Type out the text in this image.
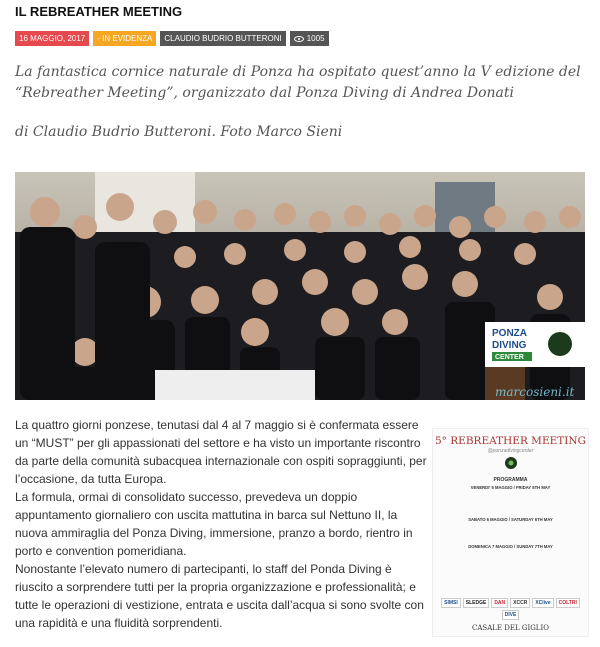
IL REBREATHER MEETING
16 MAGGIO, 2017	- IN EVIDENZA	CLAUDIO BUDRIO BUTTERONI	1005
La fantastica cornice naturale di Ponza ha ospitato quest’anno la V edizione del “Rebreather Meeting”, organizzato dal Ponza Diving di Andrea Donati
di Claudio Budrio Butteroni. Foto Marco Sieni
PONZA
DIVING
CENTER
marcosieni.it

La quattro giorni ponzese, tenutasi dal 4 al 7 maggio si è confermata essere un “MUST” per gli appassionati del settore e ha visto un importante riscontro da parte della comunità subacquea internazionale con ospiti sopraggiunti, per l’occasione, da tutta Europa.

La formula, ormai di consolidato successo, prevedeva un doppio appuntamento giornaliero con uscita mattutina in barca sul Nettuno II, la nuova ammiraglia del Ponza Diving, immersione, pranzo a bordo, rientro in porto e convention pomeridiana.

Nonostante l’elevato numero di partecipanti, lo staff del Ponda Diving è riuscito a sorprendere tutti per la propria organizzazione e professionalità; e tutte le operazioni di vestizione, entrata e uscita dall’acqua si sono svolte con una rapidità e una fluidità sorprendenti.

5° REBREATHER MEETING
@ponzadivingcenter
PROGRAMMA
VENERDI' 5 MAGGIO / FRIDAY 5TH MAY

SABATO 6 MAGGIO / SATURDAY 6TH MAY

DOMENICA 7 MAGGIO / SUNDAY 7TH MAY

SIMSI	SLEDGE	DAN	XCCR	XClive	COLTRI
DIVE
CASALE DEL GIGLIO
